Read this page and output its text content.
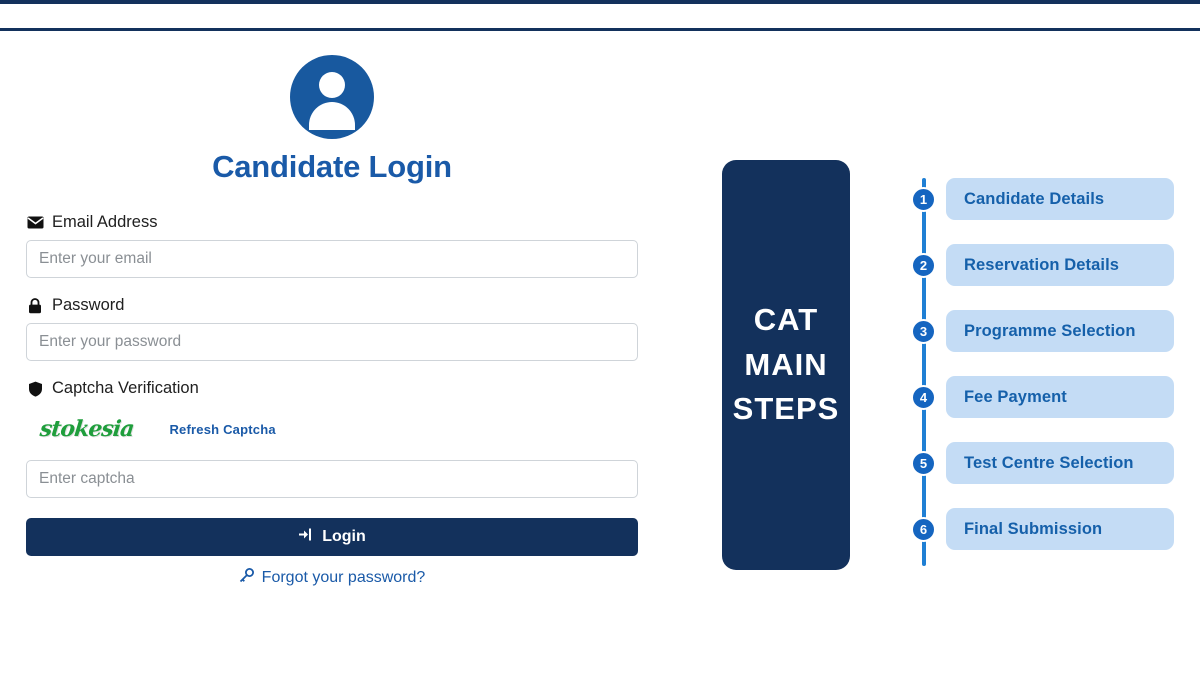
Candidate Login
Email Address
Enter your email
Password
Captcha Verification
stokesia	Refresh Captcha
Enter captcha
Login
Forgot your password?
CAT
MAIN
STEPS
1	Candidate Details
2	Reservation Details
3	Programme Selection
4	Fee Payment
5	Test Centre Selection
6	Final Submission
